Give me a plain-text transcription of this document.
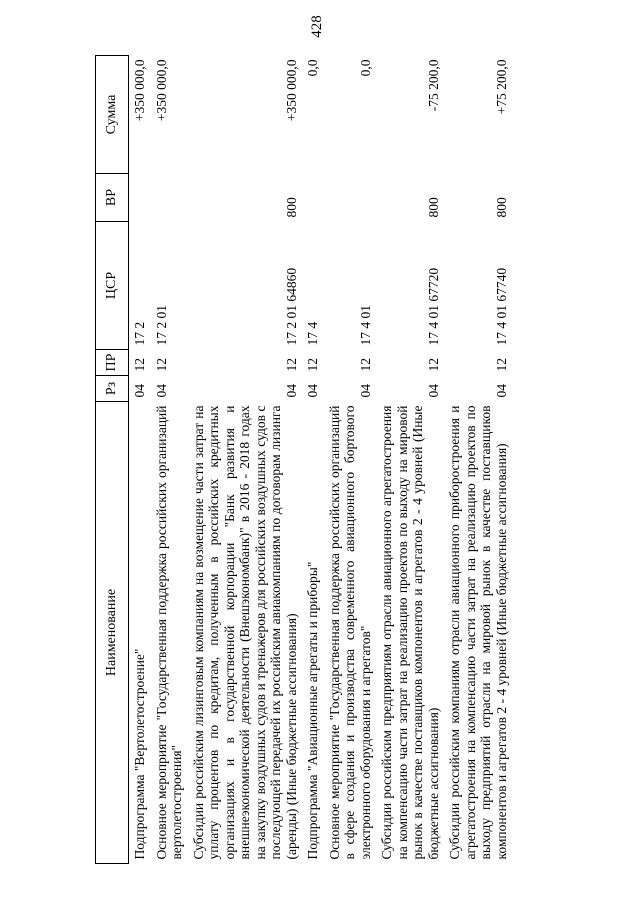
428
Наименование	Рз	ПР	ЦСР	ВР	Сумма
Подпрограмма "Вертолетостроение"	04	12	17 2		+350 000,0
Основное мероприятие "Государственная поддержка российских организаций вертолетостроения"	04	12	17 2 01		+350 000,0
Субсидии российским лизинговым компаниям на возмещение части затрат на уплату процентов по кредитам, полученным в российских кредитных организациях и в государственной корпорации "Банк развития и внешнеэкономической деятельности (Внешэкономбанк)" в 2016 - 2018 годах на закупку воздушных судов и тренажеров для российских воздушных судов с последующей передачей их российским авиакомпаниям по договорам лизинга (аренды) (Иные бюджетные ассигнования)	04	12	17 2 01 64860	800	+350 000,0
Подпрограмма "Авиационные агрегаты и приборы"	04	12	17 4		0,0
Основное мероприятие "Государственная поддержка российских организаций в сфере создания и производства современного авиационного бортового электронного оборудования и агрегатов"	04	12	17 4 01		0,0
Субсидии российским предприятиям отрасли авиационного агрегатостроения на компенсацию части затрат на реализацию проектов по выходу на мировой рынок в качестве поставщиков компонентов и агрегатов 2 - 4 уровней (Иные бюджетные ассигнования)	04	12	17 4 01 67720	800	-75 200,0
Субсидии российским компаниям отрасли авиационного приборостроения и агрегатостроения на компенсацию части затрат на реализацию проектов по выходу предприятий отрасли на мировой рынок в качестве поставщиков компонентов и агрегатов 2 - 4 уровней (Иные бюджетные ассигнования)	04	12	17 4 01 67740	800	+75 200,0
